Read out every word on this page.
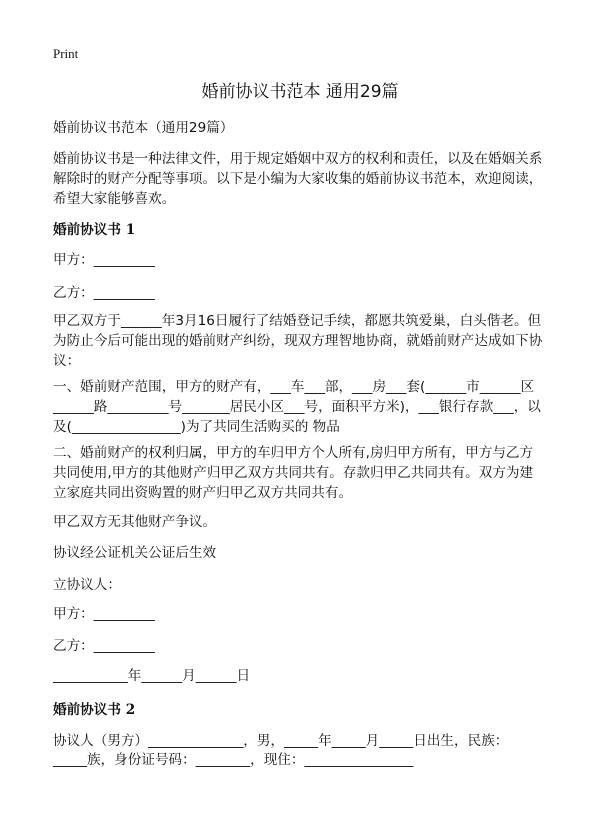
Print
婚前协议书范本 通用29篇
婚前协议书范本（通用29篇）
婚前协议书是一种法律文件，用于规定婚姻中双方的权利和责任，以及在婚姻关系
解除时的财产分配等事项。以下是小编为大家收集的婚前协议书范本，欢迎阅读，
希望大家能够喜欢。
婚前协议书 1
甲方：_________
乙方：_________
甲乙双方于______年3月16日履行了结婚登记手续，都愿共筑爱巢，白头偕老。但
为防止今后可能出现的婚前财产纠纷，现双方理智地协商，就婚前财产达成如下协
议：
一、婚前财产范围，甲方的财产有，___车___部，___房___套(______市______区
______路_________号_______居民小区___号，面积平方米)，___银行存款___，以
及(________________)为了共同生活购买的 物品
二、婚前财产的权利归属，甲方的车归甲方个人所有,房归甲方所有，甲方与乙方
共同使用,甲方的其他财产归甲乙双方共同共有。存款归甲乙共同共有。双方为建
立家庭共同出资购置的财产归甲乙双方共同共有。
甲乙双方无其他财产争议。
协议经公证机关公证后生效
立协议人：
甲方：_________
乙方：_________
___________年______月______日
婚前协议书 2
协议人（男方）______________，男，_____年_____月_____日出生，民族：
_____族，身份证号码：________，现住：________________
